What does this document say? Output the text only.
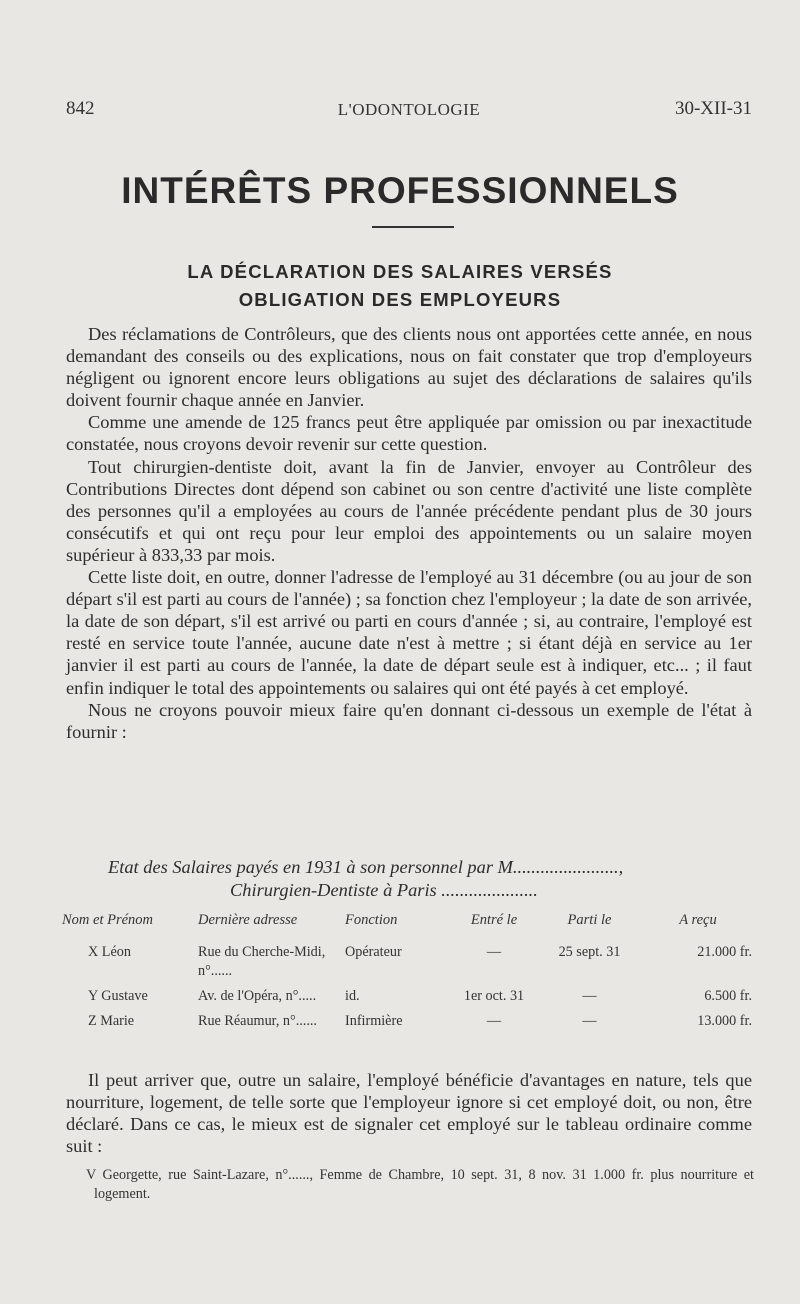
842	L'ODONTOLOGIE	30-XII-31
INTÉRÊTS PROFESSIONNELS
LA DÉCLARATION DES SALAIRES VERSÉS
OBLIGATION DES EMPLOYEURS

Des réclamations de Contrôleurs, que des clients nous ont apportées cette année, en nous demandant des conseils ou des explications, nous on fait constater que trop d'employeurs négligent ou ignorent encore leurs obligations au sujet des déclarations de salaires qu'ils doivent fournir chaque année en Janvier.

Comme une amende de 125 francs peut être appliquée par omission ou par inexactitude constatée, nous croyons devoir revenir sur cette question.

Tout chirurgien-dentiste doit, avant la fin de Janvier, envoyer au Contrôleur des Contributions Directes dont dépend son cabinet ou son centre d'activité une liste complète des personnes qu'il a employées au cours de l'année précédente pendant plus de 30 jours consécutifs et qui ont reçu pour leur emploi des appointements ou un salaire moyen supérieur à 833,33 par mois.

Cette liste doit, en outre, donner l'adresse de l'employé au 31 décembre (ou au jour de son départ s'il est parti au cours de l'année) ; sa fonction chez l'employeur ; la date de son arrivée, la date de son départ, s'il est arrivé ou parti en cours d'année ; si, au contraire, l'employé est resté en service toute l'année, aucune date n'est à mettre ; si étant déjà en service au 1er janvier il est parti au cours de l'année, la date de départ seule est à indiquer, etc... ; il faut enfin indiquer le total des appointements ou salaires qui ont été payés à cet employé.

Nous ne croyons pouvoir mieux faire qu'en donnant ci-dessous un exemple de l'état à fournir :

Etat des Salaires payés en 1931 à son personnel par M.......................,
Chirurgien-Dentiste à Paris .....................
Nom et Prénom	Dernière adresse	Fonction	Entré le	Parti le	A reçu
X Léon	Rue du Cherche-Midi, n°......	Opérateur	—	25 sept. 31	21.000 fr.
Y Gustave	Av. de l'Opéra, n°.....	id.	1er oct. 31	—	6.500 fr.
Z Marie	Rue Réaumur, n°......	Infirmière	—	—	13.000 fr.

Il peut arriver que, outre un salaire, l'employé bénéficie d'avantages en nature, tels que nourriture, logement, de telle sorte que l'employeur ignore si cet employé doit, ou non, être déclaré. Dans ce cas, le mieux est de signaler cet employé sur le tableau ordinaire comme suit :

V Georgette, rue Saint-Lazare, n°......, Femme de Chambre, 10 sept. 31, 8 nov. 31 1.000 fr. plus nourriture et logement.
